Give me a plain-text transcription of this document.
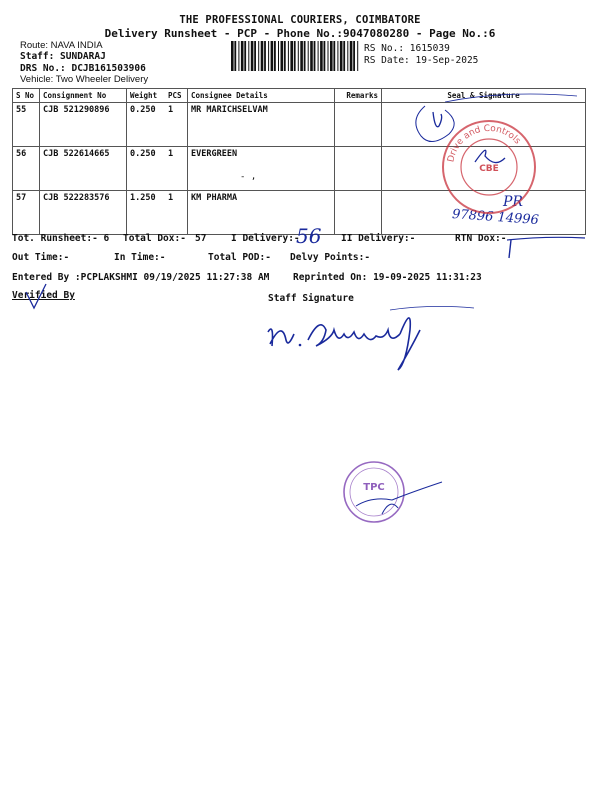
THE PROFESSIONAL COURIERS, COIMBATORE
Delivery Runsheet - PCP - Phone No.:9047080280 - Page No.:6
Route: NAVA INDIA
Staff: SUNDARAJ
DRS No.: DCJB161503906
Vehicle: Two Wheeler Delivery
RS No.: 1615039
RS Date: 19-Sep-2025
S No	Consignment No	Weight	PCS	Consignee Details	Remarks	Seal & Signature
55	CJB 521290896	0.250	1	MR MARICHSELVAM		
56	CJB 522614665	0.250	1	EVERGREEN		
57	CJB 522283576	1.250	1	KM PHARMA		
Tot. Runsheet:- 6 Total Dox:- 57	I Delivery:-	II Delivery:-	RTN Dox:-
Out Time:-	In Time:-	Total POD:- Delvy Points:-
Entered By :PCPLAKSHMI 09/19/2025 11:27:38 AM Reprinted On: 19-09-2025 11:31:23
Verified By	Staff Signature
56
97896 14996
PR
Drive and Controls
CBE
TPC
- ,
